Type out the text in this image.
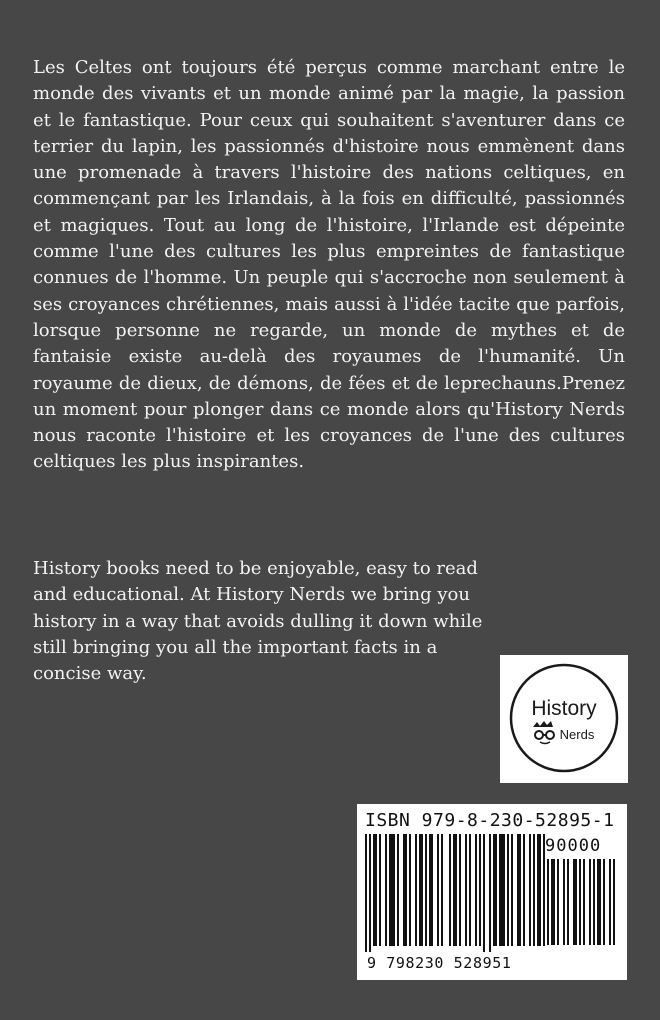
Les Celtes ont toujours été perçus comme marchant entre le monde des vivants et un monde animé par la magie, la passion et le fantastique. Pour ceux qui souhaitent s'aventurer dans ce terrier du lapin, les passionnés d'histoire nous emmènent dans une promenade à travers l'histoire des nations celtiques, en commençant par les Irlandais, à la fois en difficulté, passionnés et magiques. Tout au long de l'histoire, l'Irlande est dépeinte comme l'une des cultures les plus empreintes de fantastique connues de l'homme. Un peuple qui s'accroche non seulement à ses croyances chrétiennes, mais aussi à l'idée tacite que parfois, lorsque personne ne regarde, un monde de mythes et de fantaisie existe au-delà des royaumes de l'humanité. Un royaume de dieux, de démons, de fées et de leprechauns.Prenez un moment pour plonger dans ce monde alors qu'History Nerds nous raconte l'histoire et les croyances de l'une des cultures celtiques les plus inspirantes.

History books need to be enjoyable, easy to read and educational. At History Nerds we bring you history in a way that avoids dulling it down while still bringing you all the important facts in a concise way.

History
Nerds
ISBN 979-8-230-52895-1
90000
9 798230 528951
